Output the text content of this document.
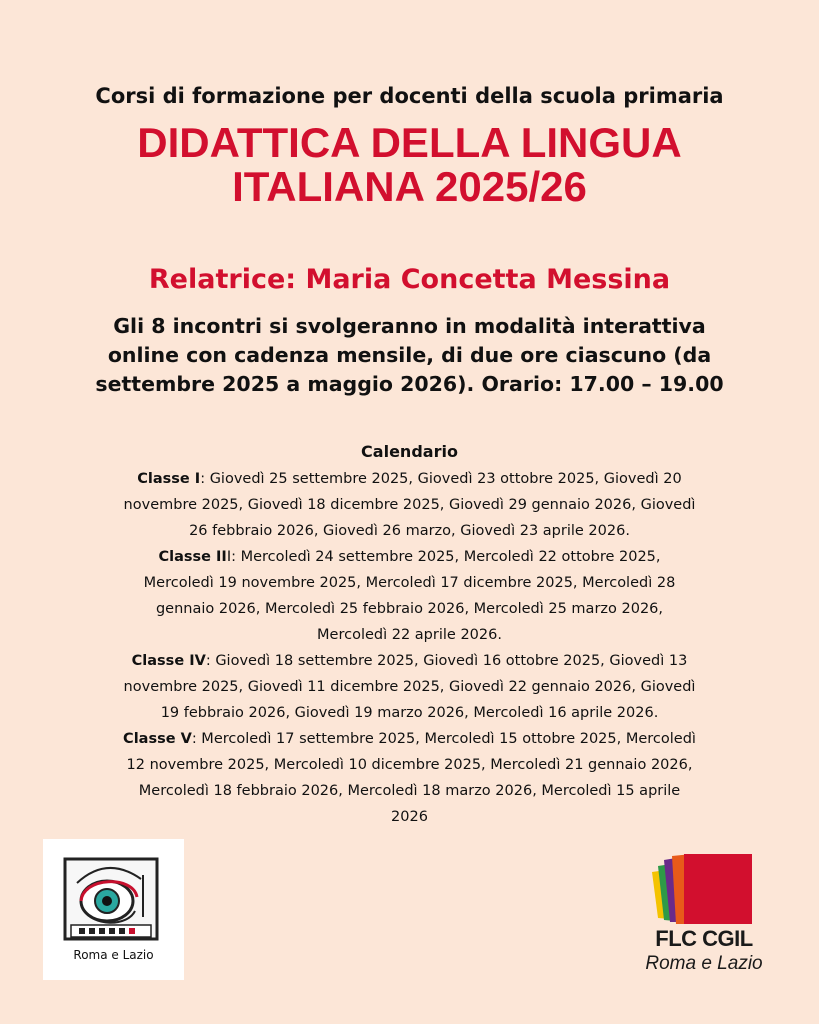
Corsi di formazione per docenti della scuola primaria
DIDATTICA DELLA LINGUA
ITALIANA 2025/26
Relatrice: Maria Concetta Messina
Gli 8 incontri si svolgeranno in modalità interattiva
online con cadenza mensile, di due ore ciascuno (da
settembre 2025 a maggio 2026). Orario: 17.00 – 19.00
Calendario
Classe I: Giovedì 25 settembre 2025, Giovedì 23 ottobre 2025, Giovedì 20
novembre 2025, Giovedì 18 dicembre 2025, Giovedì 29 gennaio 2026, Giovedì
26 febbraio 2026, Giovedì 26 marzo, Giovedì 23 aprile 2026.
Classe III: Mercoledì 24 settembre 2025, Mercoledì 22 ottobre 2025,
Mercoledì 19 novembre 2025, Mercoledì 17 dicembre 2025, Mercoledì 28
gennaio 2026, Mercoledì 25 febbraio 2026, Mercoledì 25 marzo 2026,
Mercoledì 22 aprile 2026.
Classe IV: Giovedì 18 settembre 2025, Giovedì 16 ottobre 2025, Giovedì 13
novembre 2025, Giovedì 11 dicembre 2025, Giovedì 22 gennaio 2026, Giovedì
19 febbraio 2026, Giovedì 19 marzo 2026, Mercoledì 16 aprile 2026.
Classe V: Mercoledì 17 settembre 2025, Mercoledì 15 ottobre 2025, Mercoledì
12 novembre 2025, Mercoledì 10 dicembre 2025, Mercoledì 21 gennaio 2026,
Mercoledì 18 febbraio 2026, Mercoledì 18 marzo 2026, Mercoledì 15 aprile
2026
Roma e Lazio
FLC CGIL
Roma e Lazio
